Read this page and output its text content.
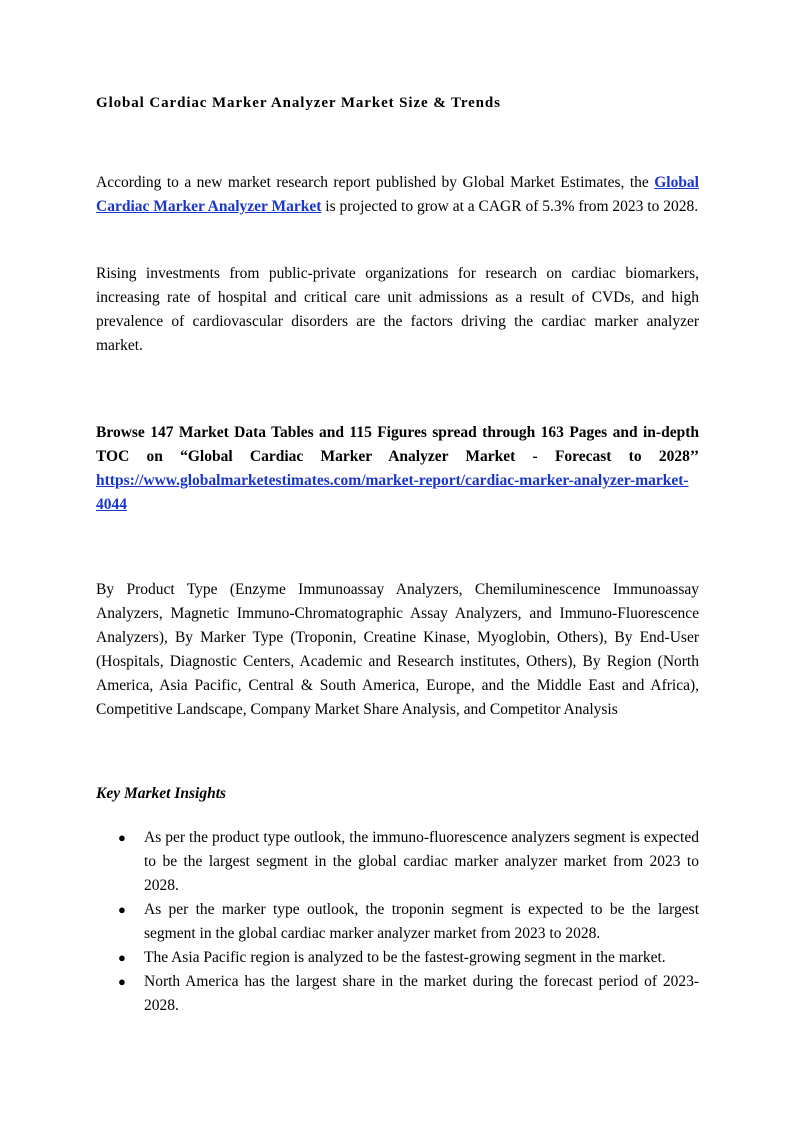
Global Cardiac Marker Analyzer Market Size & Trends

According to a new market research report published by Global Market Estimates, the Global Cardiac Marker Analyzer Market is projected to grow at a CAGR of 5.3% from 2023 to 2028.

Rising investments from public-private organizations for research on cardiac biomarkers, increasing rate of hospital and critical care unit admissions as a result of CVDs, and high prevalence of cardiovascular disorders are the factors driving the cardiac marker analyzer market.

Browse 147 Market Data Tables and 115 Figures spread through 163 Pages and in-depth TOC on “Global Cardiac Marker Analyzer Market - Forecast to 2028’’ https://www.globalmarketestimates.com/market-report/cardiac-marker-analyzer-market-4044

By Product Type (Enzyme Immunoassay Analyzers, Chemiluminescence Immunoassay Analyzers, Magnetic Immuno-Chromatographic Assay Analyzers, and Immuno-Fluorescence Analyzers), By Marker Type (Troponin, Creatine Kinase, Myoglobin, Others), By End-User (Hospitals, Diagnostic Centers, Academic and Research institutes, Others), By Region (North America, Asia Pacific, Central & South America, Europe, and the Middle East and Africa), Competitive Landscape, Company Market Share Analysis, and Competitor Analysis

Key Market Insights
● As per the product type outlook, the immuno-fluorescence analyzers segment is expected to be the largest segment in the global cardiac marker analyzer market from 2023 to 2028.
● As per the marker type outlook, the troponin segment is expected to be the largest segment in the global cardiac marker analyzer market from 2023 to 2028.
● The Asia Pacific region is analyzed to be the fastest-growing segment in the market.
● North America has the largest share in the market during the forecast period of 2023-2028.
